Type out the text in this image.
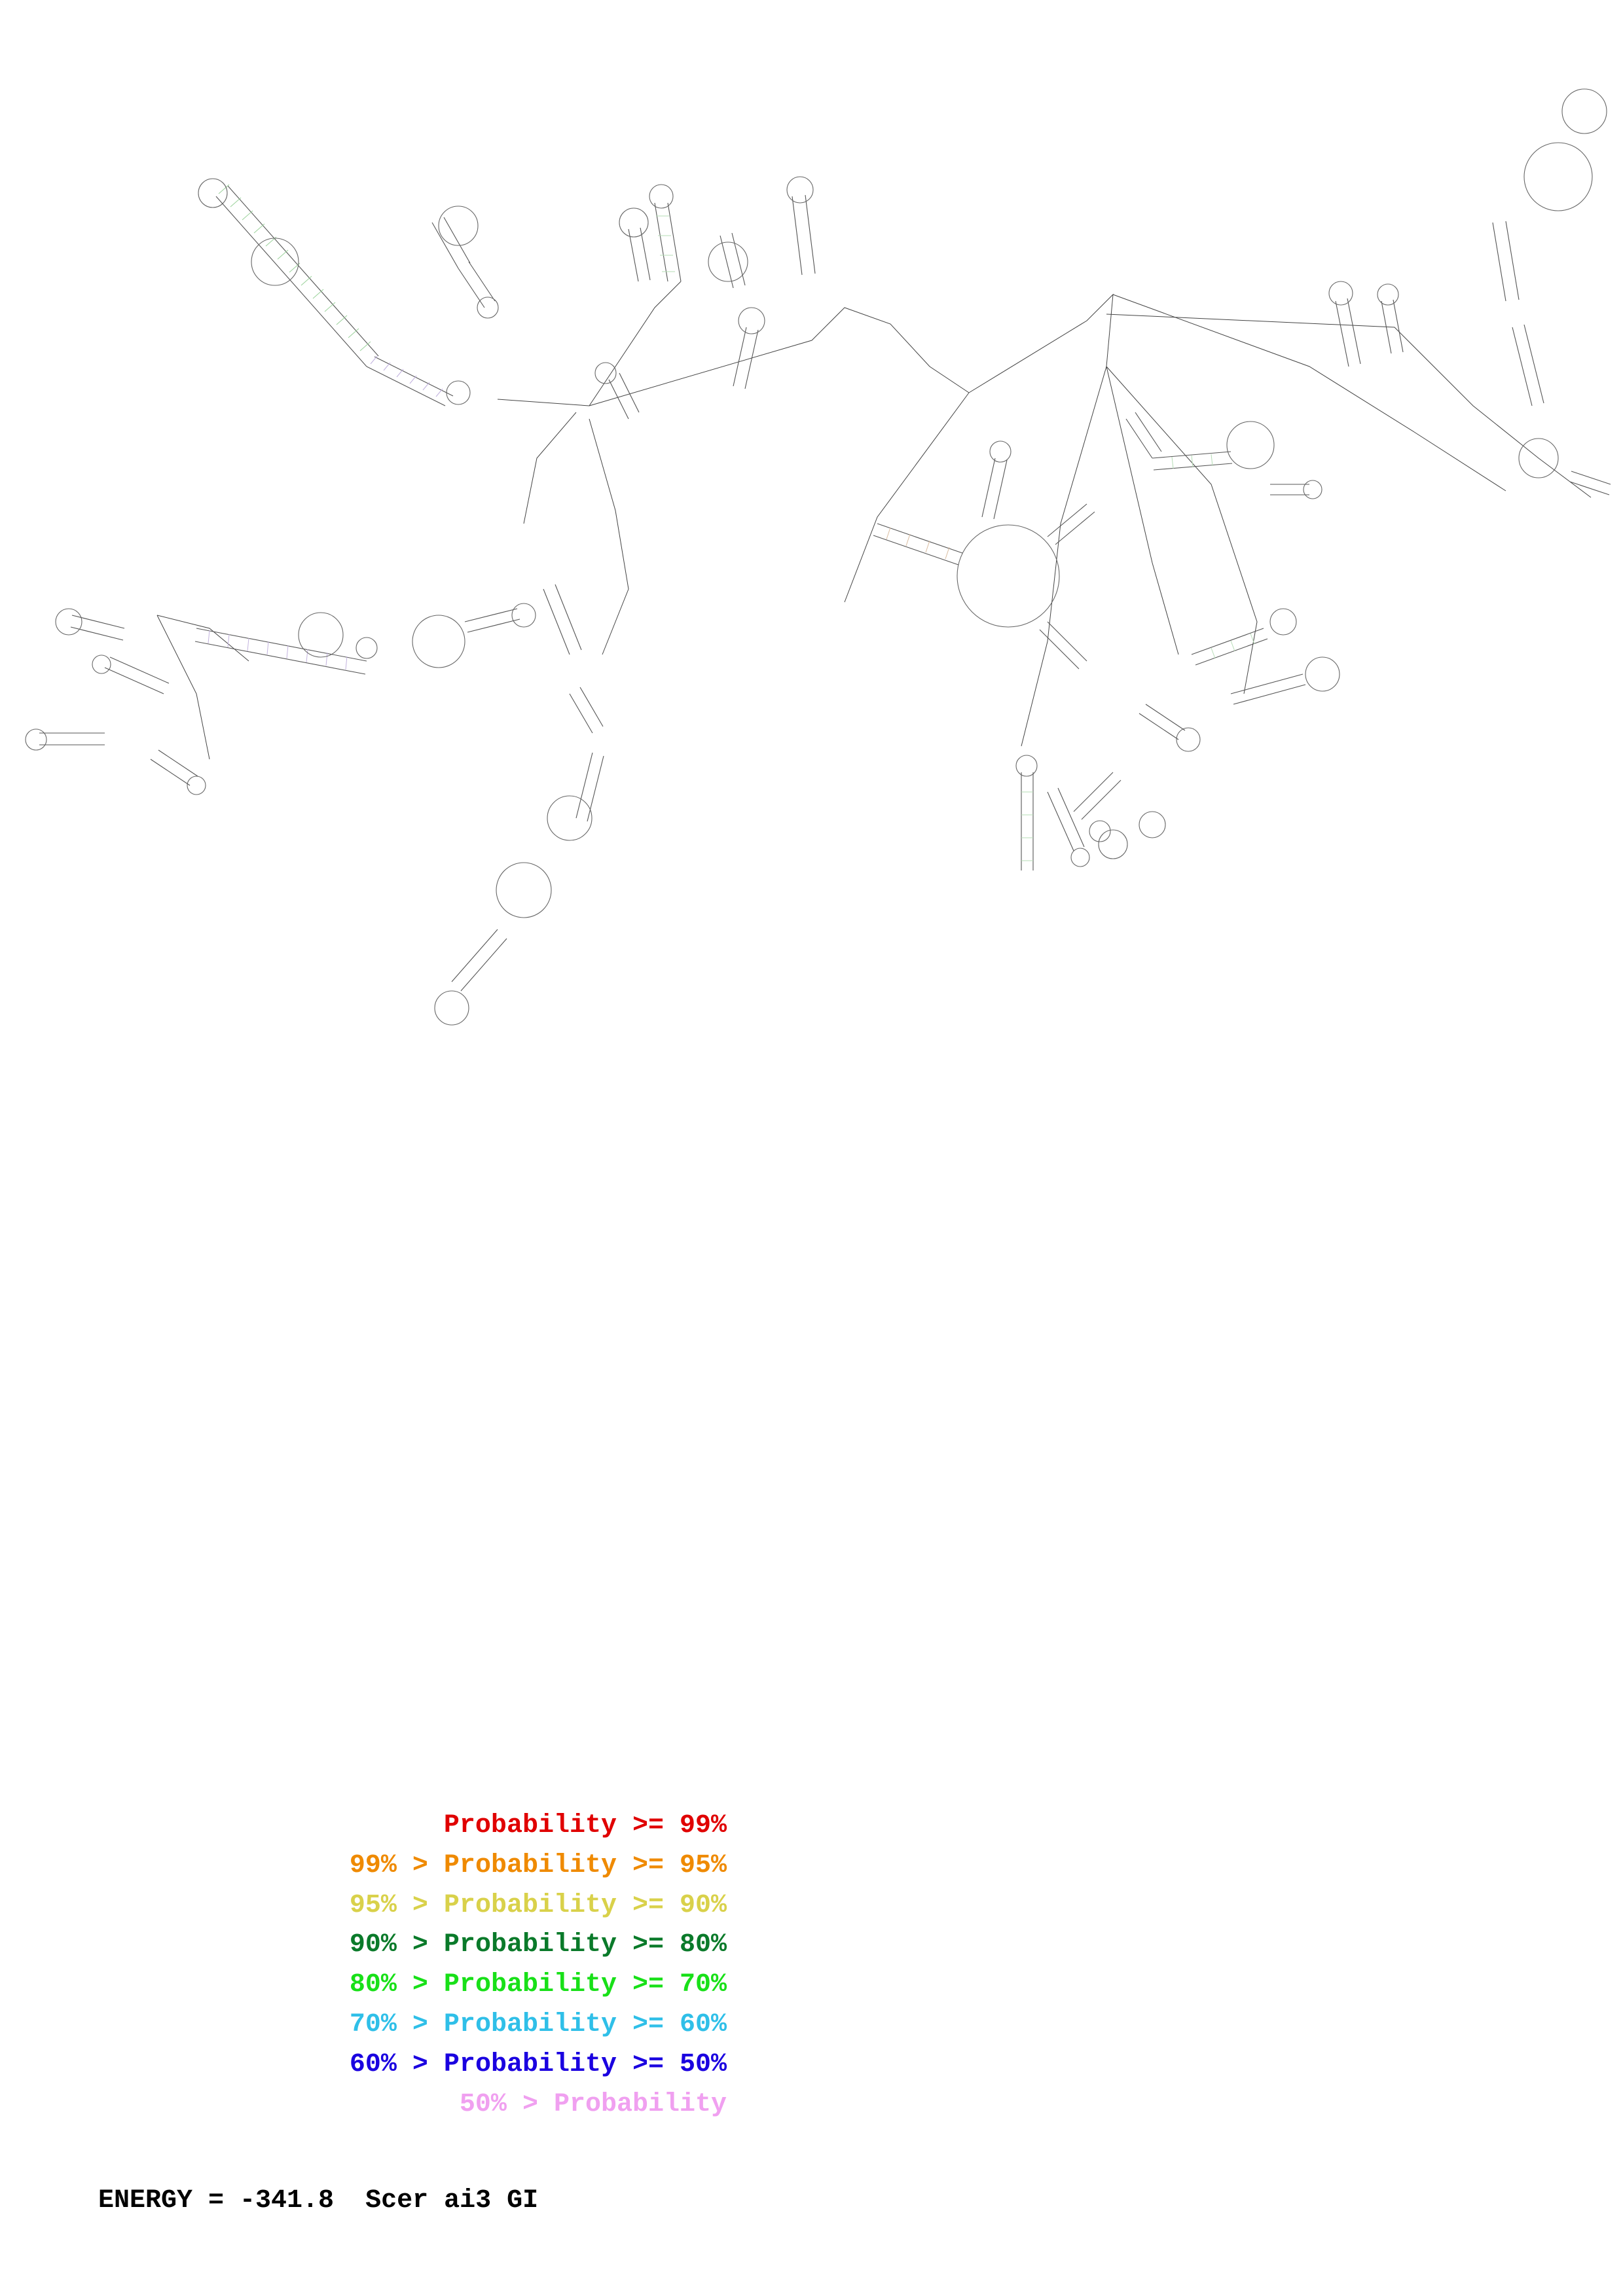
Probability >= 99%
99% > Probability >= 95%
95% > Probability >= 90%
90% > Probability >= 80%
80% > Probability >= 70%
70% > Probability >= 60%
60% > Probability >= 50%
50% > Probability
ENERGY = -341.8  Scer ai3 GI
